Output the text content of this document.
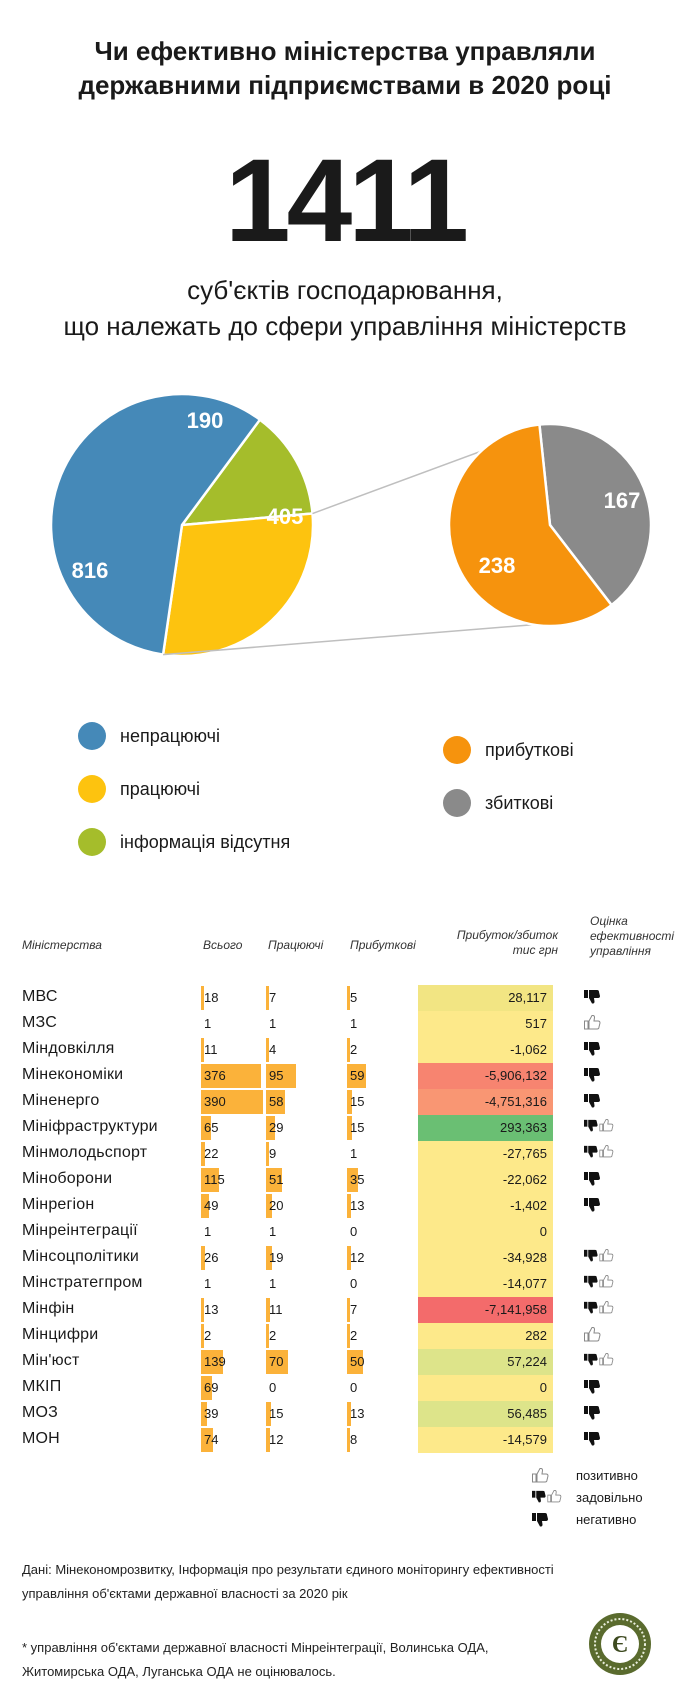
Чи ефективно міністерства управляли
державними підприємствами в 2020 році
1411
суб'єктів господарювання,
що належать до сфери управління міністерств
816
405
190
238
167
непрацюючі
працюючі
інформація відсутня
прибуткові
збиткові
Міністерства	Всього Працюючі Прибуткові
Прибуток/збиток
тис грн
Оцінка
ефективності
управління
МВС	18	7	5	28,117
МЗС	1	1	1	517
Міндовкілля	11	4	2	-1,062
Мінекономіки	376	95	59	-5,906,132
Міненерго	390	58	15	-4,751,316
Мініфраструктури	65	29	15	293,363
Мінмолодьспорт	22	9	1	-27,765
Міноборони	115	51	35	-22,062
Мінрегіон	49	20	13	-1,402
Мінреінтеграції	1	1	0	0
Мінсоцполітики	26	19	12	-34,928
Мінстратегпром	1	1	0	-14,077
Мінфін	13	11	7	-7,141,958
Мінцифри	2	2	2	282
Мін'юст	139	70	50	57,224
МКІП	69	0	0	0
МОЗ	39	15	13	56,485
МОН	74	12	8	-14,579
позитивно
задовільно
негативно
Дані: Мінекономрозвитку, Інформація про результати єдиного моніторингу ефективності
управління об'єктами державної власності за 2020 рік
* управління об'єктами державної власності Мінреінтеграції, Волинська ОДА,
Житомирська ОДА, Луганська ОДА не оцінювалось.
Є
